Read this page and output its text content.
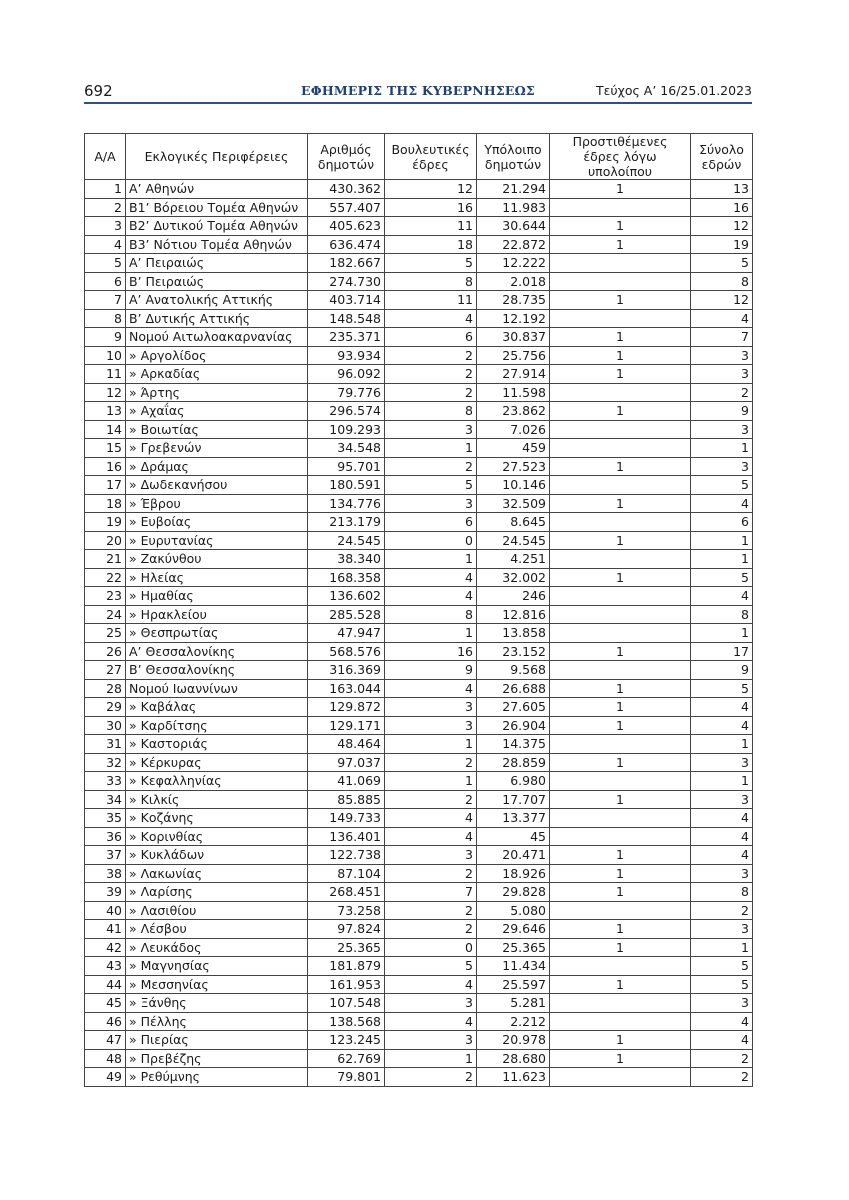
692	ΕΦΗΜΕΡΙΣ ΤΗΣ ΚΥΒΕΡΝΗΣΕΩΣ	Τεύχος Α’ 16/25.01.2023
Α/Α	Εκλογικές Περιφέρειες	Αριθμός δημοτών	Βουλευτικές έδρες	Υπόλοιπο δημοτών	Προστιθέμενες έδρες λόγω υπολοίπου	Σύνολο εδρών
1	Α’ Αθηνών	430.362	12	21.294	1	13
2	Β1’ Βόρειου Τομέα Αθηνών	557.407	16	11.983		16
3	Β2’ Δυτικού Τομέα Αθηνών	405.623	11	30.644	1	12
4	Β3’ Νότιου Τομέα Αθηνών	636.474	18	22.872	1	19
5	Α’ Πειραιώς	182.667	5	12.222		5
6	Β’ Πειραιώς	274.730	8	2.018		8
7	Α’ Ανατολικής Αττικής	403.714	11	28.735	1	12
8	Β’ Δυτικής Αττικής	148.548	4	12.192		4
9	Νομού Αιτωλοακαρνανίας	235.371	6	30.837	1	7
10	» Αργολίδος	93.934	2	25.756	1	3
11	» Αρκαδίας	96.092	2	27.914	1	3
12	» Άρτης	79.776	2	11.598		2
13	» Αχαΐας	296.574	8	23.862	1	9
14	» Βοιωτίας	109.293	3	7.026		3
15	» Γρεβενών	34.548	1	459		1
16	» Δράμας	95.701	2	27.523	1	3
17	» Δωδεκανήσου	180.591	5	10.146		5
18	» Έβρου	134.776	3	32.509	1	4
19	» Ευβοίας	213.179	6	8.645		6
20	» Ευρυτανίας	24.545	0	24.545	1	1
21	» Ζακύνθου	38.340	1	4.251		1
22	» Ηλείας	168.358	4	32.002	1	5
23	» Ημαθίας	136.602	4	246		4
24	» Ηρακλείου	285.528	8	12.816		8
25	» Θεσπρωτίας	47.947	1	13.858		1
26	Α’ Θεσσαλονίκης	568.576	16	23.152	1	17
27	Β’ Θεσσαλονίκης	316.369	9	9.568		9
28	Νομού Ιωαννίνων	163.044	4	26.688	1	5
29	» Καβάλας	129.872	3	27.605	1	4
30	» Καρδίτσης	129.171	3	26.904	1	4
31	» Καστοριάς	48.464	1	14.375		1
32	» Κέρκυρας	97.037	2	28.859	1	3
33	» Κεφαλληνίας	41.069	1	6.980		1
34	» Κιλκίς	85.885	2	17.707	1	3
35	» Κοζάνης	149.733	4	13.377		4
36	» Κορινθίας	136.401	4	45		4
37	» Κυκλάδων	122.738	3	20.471	1	4
38	» Λακωνίας	87.104	2	18.926	1	3
39	» Λαρίσης	268.451	7	29.828	1	8
40	» Λασιθίου	73.258	2	5.080		2
41	» Λέσβου	97.824	2	29.646	1	3
42	» Λευκάδος	25.365	0	25.365	1	1
43	» Μαγνησίας	181.879	5	11.434		5
44	» Μεσσηνίας	161.953	4	25.597	1	5
45	» Ξάνθης	107.548	3	5.281		3
46	» Πέλλης	138.568	4	2.212		4
47	» Πιερίας	123.245	3	20.978	1	4
48	» Πρεβέζης	62.769	1	28.680	1	2
49	» Ρεθύμνης	79.801	2	11.623		2
